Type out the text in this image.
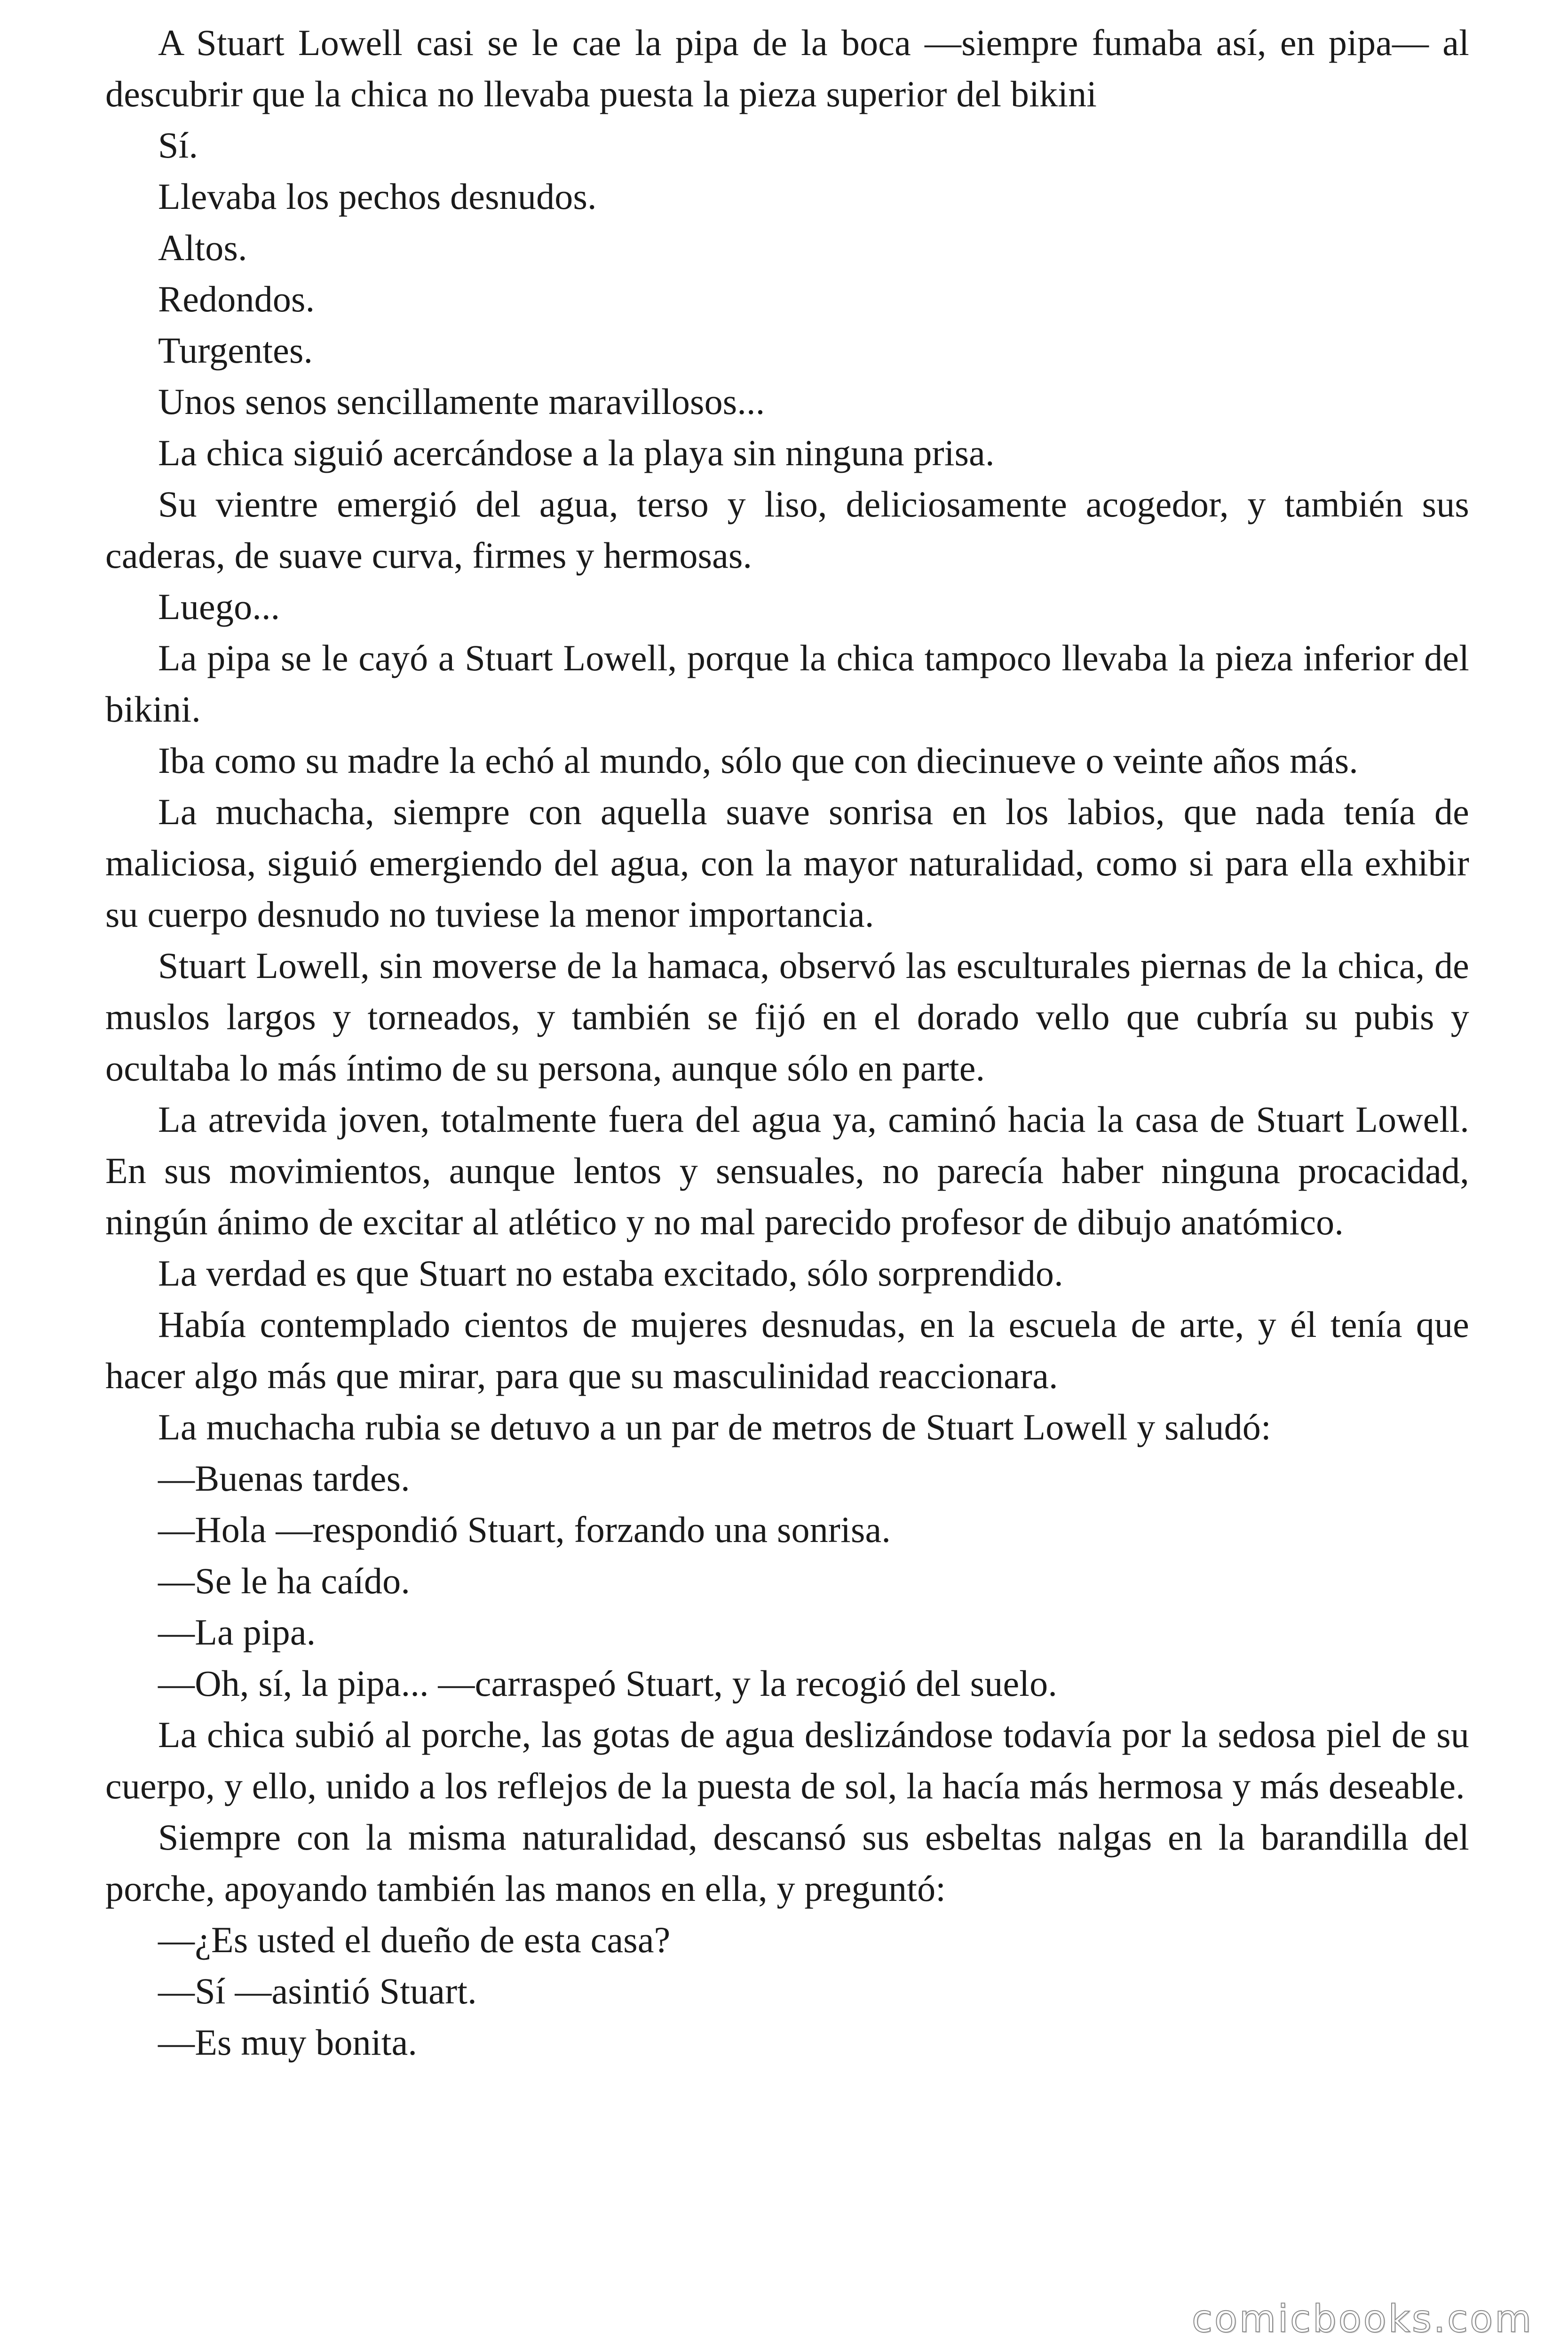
A Stuart Lowell casi se le cae la pipa de la boca —siempre fumaba así, en pipa— al descubrir que la chica no llevaba puesta la pieza superior del bikini

Sí.

Llevaba los pechos desnudos.

Altos.

Redondos.

Turgentes.

Unos senos sencillamente maravillosos...

La chica siguió acercándose a la playa sin ninguna prisa.

Su vientre emergió del agua, terso y liso, deliciosamente acogedor, y también sus caderas, de suave curva, firmes y hermosas.

Luego...

La pipa se le cayó a Stuart Lowell, porque la chica tampoco llevaba la pieza inferior del bikini.

Iba como su madre la echó al mundo, sólo que con diecinueve o veinte años más.

La muchacha, siempre con aquella suave sonrisa en los labios, que nada tenía de maliciosa, siguió emergiendo del agua, con la mayor naturalidad, como si para ella exhibir su cuerpo desnudo no tuviese la menor importancia.

Stuart Lowell, sin moverse de la hamaca, observó las esculturales piernas de la chica, de muslos largos y torneados, y también se fijó en el dorado vello que cubría su pubis y ocultaba lo más íntimo de su persona, aunque sólo en parte.

La atrevida joven, totalmente fuera del agua ya, caminó hacia la casa de Stuart Lowell. En sus movimientos, aunque lentos y sensuales, no parecía haber ninguna procacidad, ningún ánimo de excitar al atlético y no mal parecido profesor de dibujo anatómico.

La verdad es que Stuart no estaba excitado, sólo sorprendido.

Había contemplado cientos de mujeres desnudas, en la escuela de arte, y él tenía que hacer algo más que mirar, para que su masculinidad reaccionara.

La muchacha rubia se detuvo a un par de metros de Stuart Lowell y saludó:

—Buenas tardes.

—Hola —respondió Stuart, forzando una sonrisa.

—Se le ha caído.

—La pipa.

—Oh, sí, la pipa... —carraspeó Stuart, y la recogió del suelo.

La chica subió al porche, las gotas de agua deslizándose todavía por la sedosa piel de su cuerpo, y ello, unido a los reflejos de la puesta de sol, la hacía más hermosa y más deseable.

Siempre con la misma naturalidad, descansó sus esbeltas nalgas en la barandilla del porche, apoyando también las manos en ella, y preguntó:

—¿Es usted el dueño de esta casa?

—Sí —asintió Stuart.

—Es muy bonita.

comicbooks.com
